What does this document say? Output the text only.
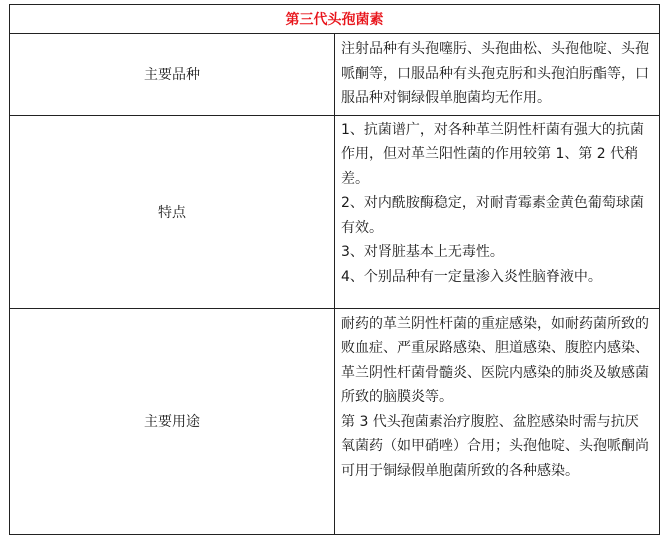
第三代头孢菌素	
主要品种	注射品种有头孢噻肟、头孢曲松、头孢他啶、头孢哌酮等，口服品种有头孢克肟和头孢泊肟酯等，口服品种对铜绿假单胞菌均无作用。

特点	1、抗菌谱广，对各种革兰阴性杆菌有强大的抗菌作用，但对革兰阳性菌的作用较第 1、第 2 代稍差。

2、对内酰胺酶稳定，对耐青霉素金黄色葡萄球菌有效。

3、对肾脏基本上无毒性。

4、个别品种有一定量渗入炎性脑脊液中。

主要用途	耐药的革兰阴性杆菌的重症感染，如耐药菌所致的败血症、严重尿路感染、胆道感染、腹腔内感染、革兰阴性杆菌骨髓炎、医院内感染的肺炎及敏感菌所致的脑膜炎等。

第 3 代头孢菌素治疗腹腔、盆腔感染时需与抗厌氧菌药（如甲硝唑）合用；头孢他啶、头孢哌酮尚可用于铜绿假单胞菌所致的各种感染。
